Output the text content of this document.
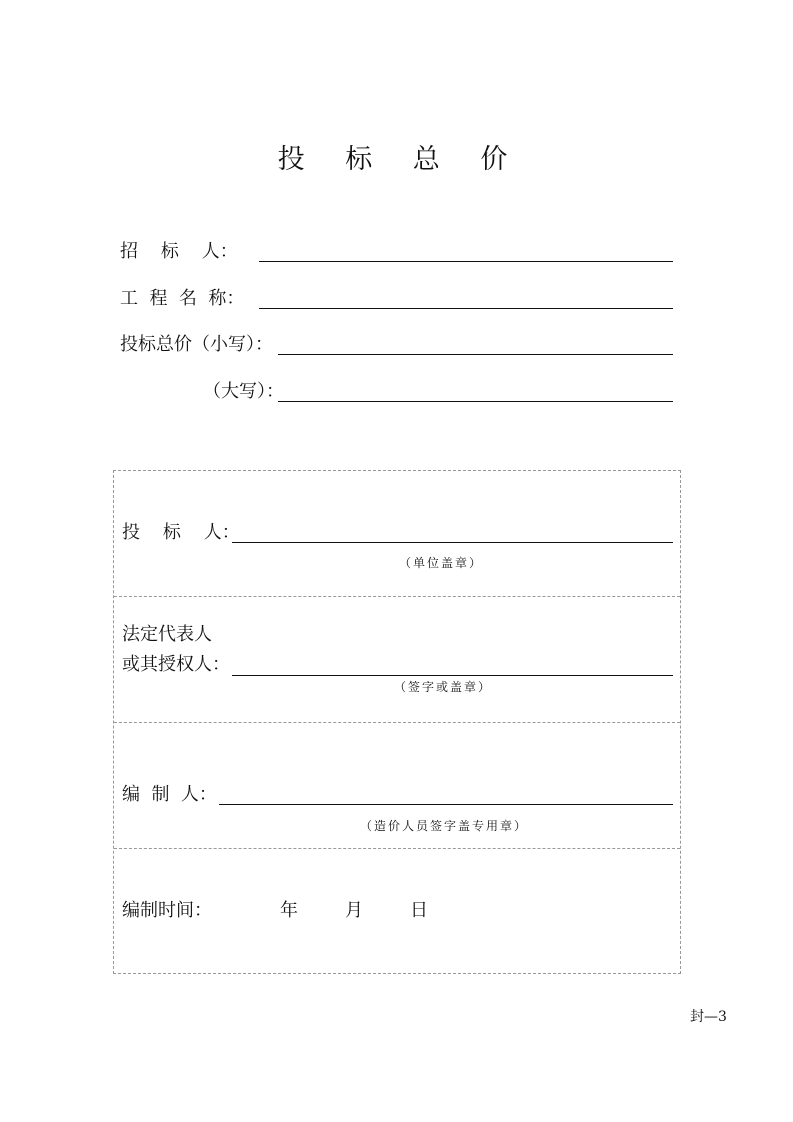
投 标 总 价
招    标    人：
工  程  名  称：
投标总价（小写）：
（大写）：
投    标    人：
（单位盖章）
法定代表人
或其授权人：
（签字或盖章）
编  制  人：
（造价人员签字盖专用章）
编制时间：	年	月	日
封—3
